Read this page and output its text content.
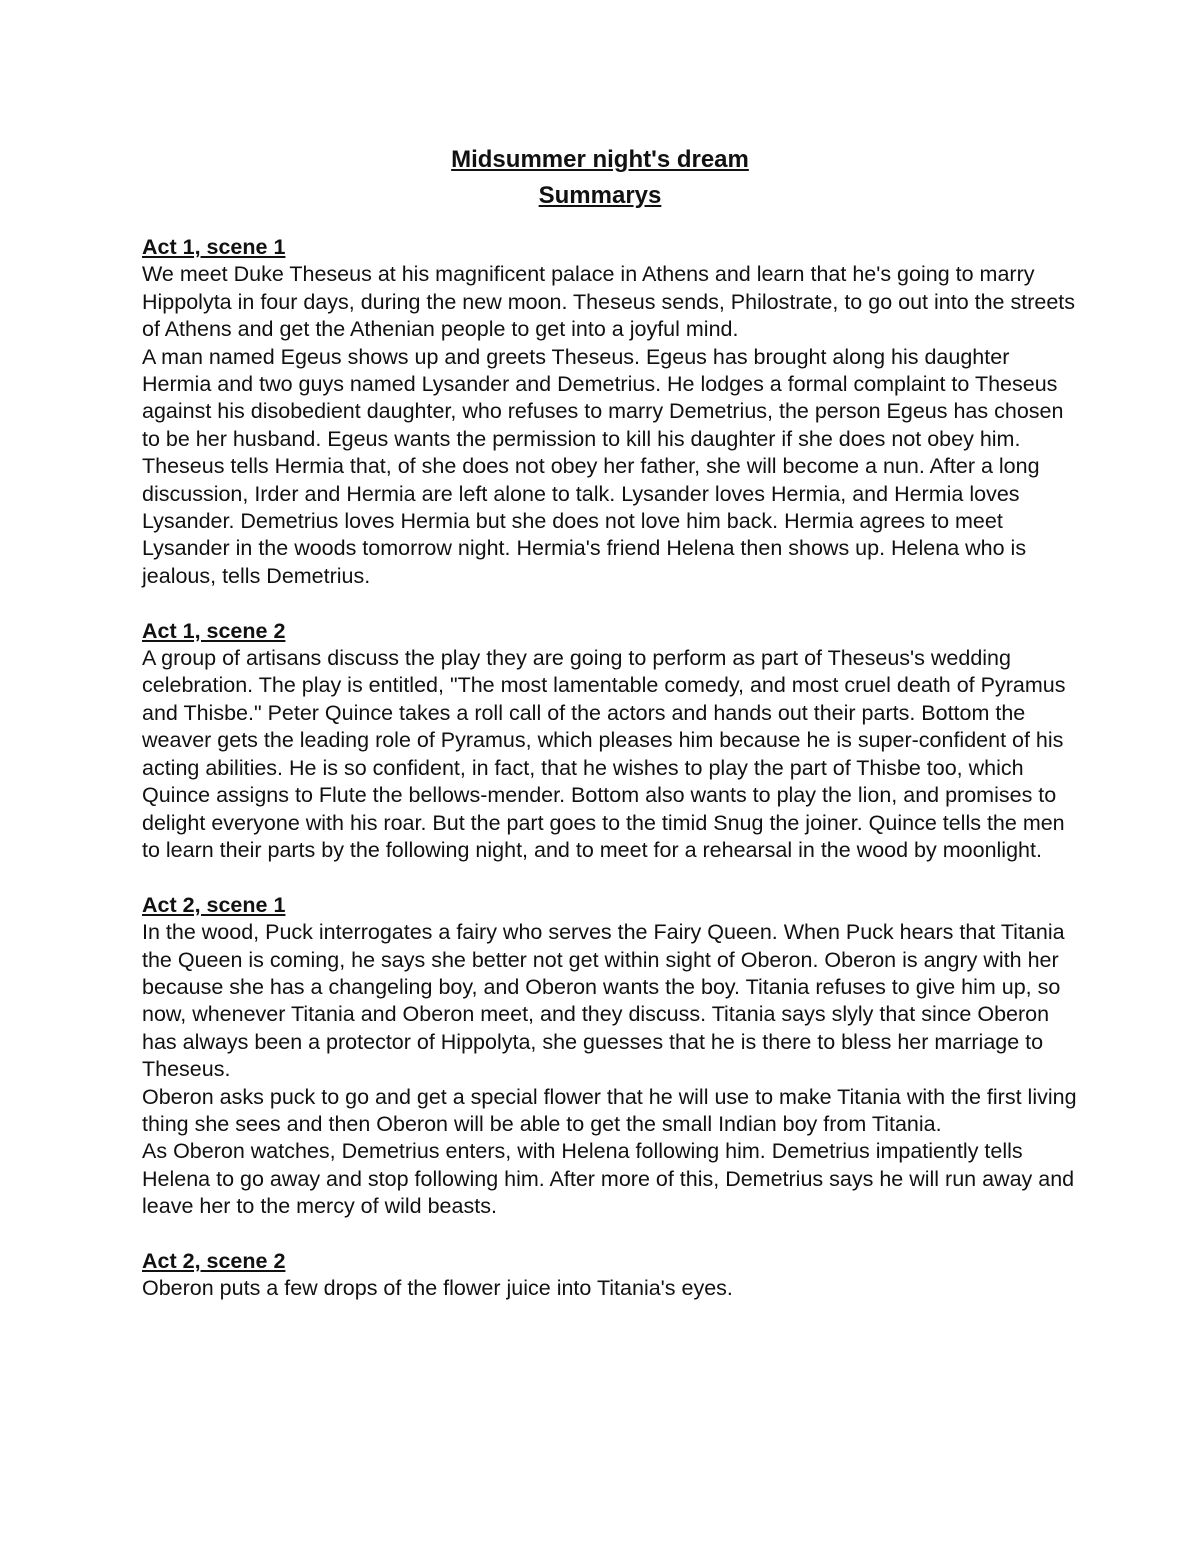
Midsummer night's dream
Summarys
Act 1, scene 1

We meet Duke Theseus at his magnificent palace in Athens and learn that he's going to marry Hippolyta in four days, during the new moon. Theseus sends, Philostrate, to go out into the streets of Athens and get the Athenian people to get into a joyful mind.

A man named Egeus shows up and greets Theseus. Egeus has brought along his daughter Hermia and two guys named Lysander and Demetrius. He lodges a formal complaint to Theseus against his disobedient daughter, who refuses to marry Demetrius, the person Egeus has chosen to be her husband. Egeus wants the permission to kill his daughter if she does not obey him. Theseus tells Hermia that, of she does not obey her father, she will become a nun. After a long discussion, Irder and Hermia are left alone to talk. Lysander loves Hermia, and Hermia loves Lysander. Demetrius loves Hermia but she does not love him back. Hermia agrees to meet Lysander in the woods tomorrow night. Hermia's friend Helena then shows up. Helena who is jealous, tells Demetrius.

Act 1, scene 2

A group of artisans discuss the play they are going to perform as part of Theseus's wedding celebration. The play is entitled, "The most lamentable comedy, and most cruel death of Pyramus and Thisbe." Peter Quince takes a roll call of the actors and hands out their parts. Bottom the weaver gets the leading role of Pyramus, which pleases him because he is super-confident of his acting abilities. He is so confident, in fact, that he wishes to play the part of Thisbe too, which Quince assigns to Flute the bellows-mender. Bottom also wants to play the lion, and promises to delight everyone with his roar. But the part goes to the timid Snug the joiner. Quince tells the men to learn their parts by the following night, and to meet for a rehearsal in the wood by moonlight.

Act 2, scene 1

In the wood, Puck interrogates a fairy who serves the Fairy Queen. When Puck hears that Titania the Queen is coming, he says she better not get within sight of Oberon. Oberon is angry with her because she has a changeling boy, and Oberon wants the boy. Titania refuses to give him up, so now, whenever Titania and Oberon meet, and they discuss. Titania says slyly that since Oberon has always been a protector of Hippolyta, she guesses that he is there to bless her marriage to Theseus.

Oberon asks puck to go and get a special flower that he will use to make Titania with the first living thing she sees and then Oberon will be able to get the small Indian boy from Titania.

As Oberon watches, Demetrius enters, with Helena following him. Demetrius impatiently tells Helena to go away and stop following him. After more of this, Demetrius says he will run away and leave her to the mercy of wild beasts.

Act 2, scene 2

Oberon puts a few drops of the flower juice into Titania's eyes.
